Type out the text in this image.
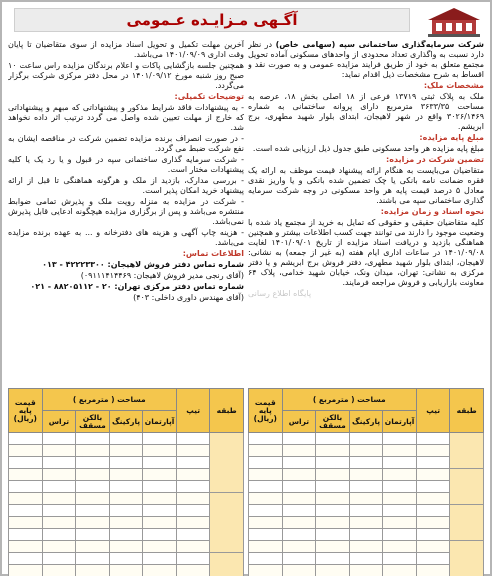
آگـهی مـزایـده عـمومی

شرکت سرمایه‌گذاری ساختمانی سپه (سهامی خاص) در نظر دارد نسبت به واگذاری تعداد محدودی از واحدهای مسکونی آماده تحویل مجتمع متعلق به خود از طریق فرایند مزایده عمومی و به صورت نقد و اقساط به شرح مشخصات ذیل اقدام نماید:

مشخصات ملک:

ملک به پلاک ثبتی ۱۳۷۱۹ فرعی از ۱۸ اصلی بخش ۱۸، عرصه به مساحت ۳۶۳۳/۳۵ مترمربع دارای پروانه ساختمانی به شماره ۳۰۲۶/۱۴۶۹ واقع در شهر لاهیجان، ابتدای بلوار شهید مطهری، برج ابریشم.

مبلغ پایه مزایده:

مبلغ پایه مزایده هر واحد مسکونی طبق جدول ذیل ارزیابی شده است.

تضمین شرکت در مزایده:

متقاضیان می‌بایست به هنگام ارائه پیشنهاد قیمت موظف به ارائه یک فقره ضمانت نامه بانکی یا چک تضمین شده بانکی و یا واریز نقدی معادل ۵ درصد قیمت پایه هر واحد مسکونی در وجه شرکت سرمایه گذاری ساختمانی سپه می باشند.

نحوه اسناد و زمان مزایده:

کلیه متقاضیان حقیقی و حقوقی که تمایل به خرید از مجتمع یاد شده با وضعیت موجود را دارند می توانند جهت کسب اطلاعات بیشتر و همچنین هماهنگی بازدید و دریافت اسناد مزایده از تاریخ ۱۴۰۱/۰۹/۰۱ لغایت ۱۴۰۱/۰۹/۰۸ در ساعات اداری ایام هفته (به غیر از جمعه) به نشانی: لاهیجان، ابتدای بلوار شهید مطهری، دفتر فروش برج ابریشم و یا دفتر مرکزی به نشانی: تهران، میدان ونک، خیابان شهید خدامی، پلاک ۶۴ معاونت بازاریابی و فروش مراجعه فرمایند.

پایگاه اطلاع رسانی

آخرین مهلت تکمیل و تحویل اسناد مزایده از سوی متقاضیان تا پایان وقت اداری ۱۴۰۱/۰۹/۰۹ می‌باشد.

همچنین جلسه بازگشایی پاکات و اعلام برندگان مزایده راس ساعت ۱۰ صبح روز شنبه مورخ ۱۴۰۱/۰۹/۱۲ در محل دفتر مرکزی شرکت برگزار می‌گردد.

توضیحات تکمیلی:

- به پیشنهادات فاقد شرایط مذکور و پیشنهاداتی که مبهم و پیشنهاداتی که خارج از مهلت تعیین شده واصل می گردد ترتیب اثر داده نخواهد شد.

- در صورت انصراف برنده مزایده تضمین شرکت در مناقصه ایشان به نفع شرکت ضبط می گردد.

- شرکت سرمایه گذاری ساختمانی سپه در قبول و یا رد یک یا کلیه پیشنهادات مختار است.

- بررسی مدارک، بازدید از ملک و هرگونه هماهنگی تا قبل از ارائه پیشنهاد خرید امکان پذیر است.

- شرکت در مزایده به منزله رویت ملک و پذیرش تمامی ضوابط منتشره می‌باشد و پس از برگزاری مزایده هیچگونه ادعایی قابل پذیرش نمی‌باشد.

- هزینه چاپ آگهی و هزینه های دفترخانه و ... به عهده برنده مزایده می‌باشد.

اطلاعات تماس:

شماره تماس دفتر فروش لاهیجان: ۴۲۲۲۳۳۰۰ - ۰۱۳

(آقای رنجی مدیر فروش لاهیجان: ۰۹۱۱۱۴۱۴۴۶۹)

شماره تماس دفتر مرکزی تهران: ۲۰ - ۸۸۲۰۵۱۱۲ - ۰۲۱

(آقای مهندس داوری داخلی: ۴۰۳)

طبقه	تیپ	مساحت ( مترمربع )				قیمت پایه (ریال)
		آپارتمان	پارکینگ	بالکن مسقف	تراس	

طبقه	تیپ	مساحت ( مترمربع )				قیمت پایه (ریال)
		آپارتمان	پارکینگ	بالکن مسقف	تراس	
